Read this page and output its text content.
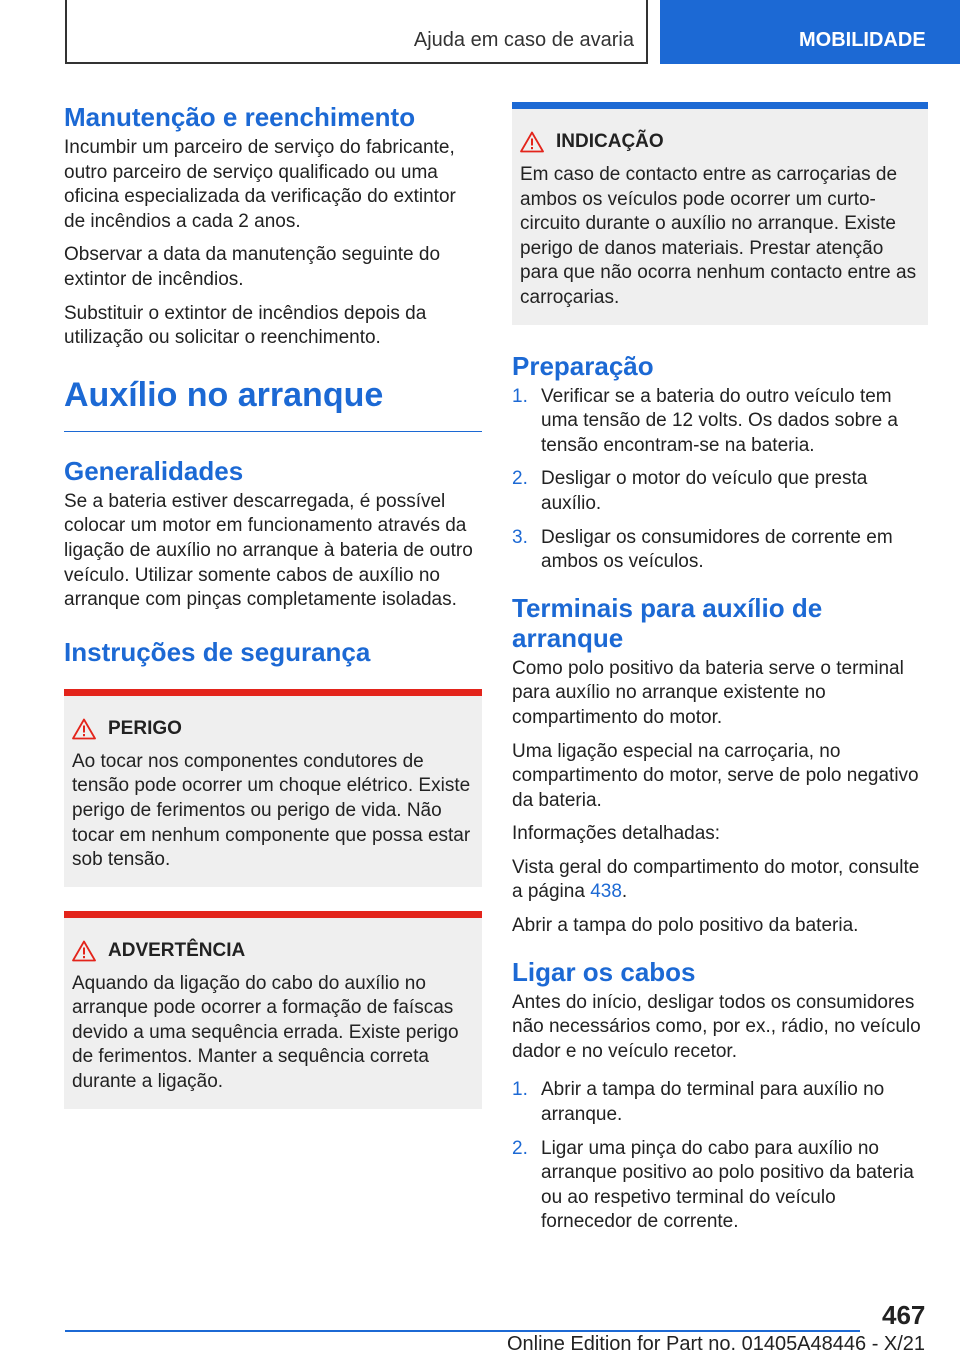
Ajuda em caso de avaria	MOBILIDADE
Manutenção e reenchimento

Incumbir um parceiro de serviço do fabricante, outro parceiro de serviço qualificado ou uma oficina especializada da verificação do extintor de incêndios a cada 2 anos.

Observar a data da manutenção seguinte do extintor de incêndios.

Substituir o extintor de incêndios depois da utilização ou solicitar o reenchimento.

Auxílio no arranque
Generalidades

Se a bateria estiver descarregada, é possível colocar um motor em funcionamento através da ligação de auxílio no arranque à bateria de outro veículo. Utilizar somente cabos de auxílio no arranque com pinças completamente isoladas.

Instruções de segurança
PERIGO

Ao tocar nos componentes condutores de tensão pode ocorrer um choque elétrico. Existe perigo de ferimentos ou perigo de vida. Não tocar em nenhum componente que possa estar sob tensão.

ADVERTÊNCIA

Aquando da ligação do cabo do auxílio no arranque pode ocorrer a formação de faíscas devido a uma sequência errada. Existe perigo de ferimentos. Manter a sequência correta durante a ligação.

INDICAÇÃO

Em caso de contacto entre as carroçarias de ambos os veículos pode ocorrer um curto-circuito durante o auxílio no arranque. Existe perigo de danos materiais. Prestar atenção para que não ocorra nenhum contacto entre as carroçarias.

Preparação
1. Verificar se a bateria do outro veículo tem uma tensão de 12 volts. Os dados sobre a tensão encontram-se na bateria.
2. Desligar o motor do veículo que presta auxílio.
3. Desligar os consumidores de corrente em ambos os veículos.
Terminais para auxílio de arranque

Como polo positivo da bateria serve o terminal para auxílio no arranque existente no compartimento do motor.

Uma ligação especial na carroçaria, no compartimento do motor, serve de polo negativo da bateria.

Informações detalhadas:

Vista geral do compartimento do motor, consulte a página 438.

Abrir a tampa do polo positivo da bateria.

Ligar os cabos

Antes do início, desligar todos os consumidores não necessários como, por ex., rádio, no veículo dador e no veículo recetor.

1. Abrir a tampa do terminal para auxílio no arranque.
2. Ligar uma pinça do cabo para auxílio no arranque positivo ao polo positivo da bateria ou ao respetivo terminal do veículo fornecedor de corrente.
467
Online Edition for Part no. 01405A48446 - X/21
